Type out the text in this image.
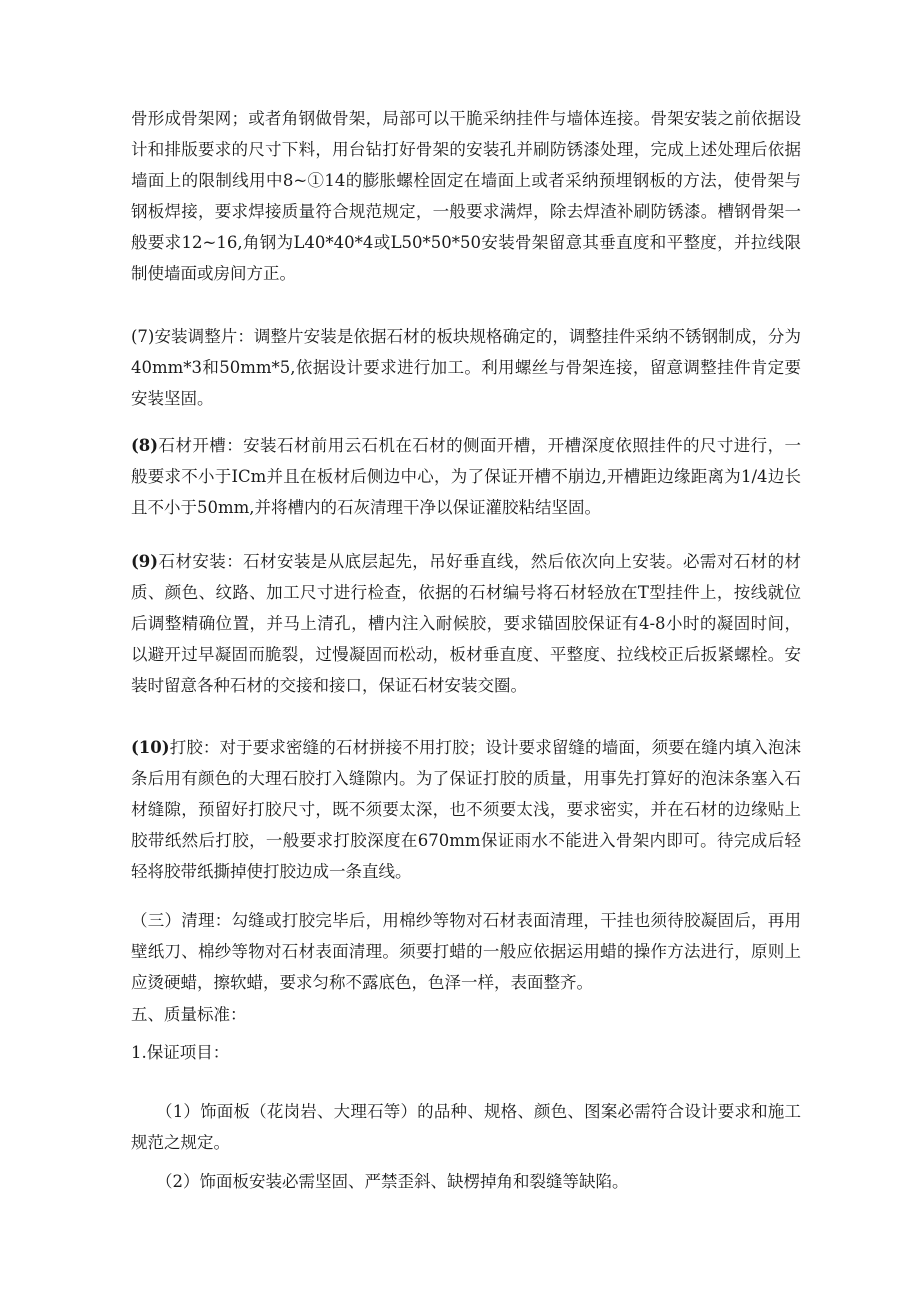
骨形成骨架网；或者角钢做骨架，局部可以干脆采纳挂件与墙体连接。骨架安装之前依据设计和排版要求的尺寸下料，用台钻打好骨架的安装孔并刷防锈漆处理，完成上述处理后依据墙面上的限制线用中8~①14的膨胀螺栓固定在墙面上或者采纳预埋钢板的方法，使骨架与钢板焊接，要求焊接质量符合规范规定，一般要求满焊，除去焊渣补刷防锈漆。槽钢骨架一般要求12~16,角钢为L40*40*4或L50*50*50安装骨架留意其垂直度和平整度，并拉线限制使墙面或房间方正。
(7)安装调整片：调整片安装是依据石材的板块规格确定的，调整挂件采纳不锈钢制成，分为40mm*3和50mm*5,依据设计要求进行加工。利用螺丝与骨架连接，留意调整挂件肯定要安装坚固。
(8)石材开槽：安装石材前用云石机在石材的侧面开槽，开槽深度依照挂件的尺寸进行，一般要求不小于ICm并且在板材后侧边中心，为了保证开槽不崩边,开槽距边缘距离为1/4边长且不小于50mm,并将槽内的石灰清理干净以保证灌胶粘结坚固。
(9)石材安装：石材安装是从底层起先，吊好垂直线，然后依次向上安装。必需对石材的材质、颜色、纹路、加工尺寸进行检查，依据的石材编号将石材轻放在T型挂件上，按线就位后调整精确位置，并马上清孔，槽内注入耐候胶，要求锚固胶保证有4-8小时的凝固时间，以避开过早凝固而脆裂，过慢凝固而松动，板材垂直度、平整度、拉线校正后扳紧螺栓。安装时留意各种石材的交接和接口，保证石材安装交圈。
(10)打胶：对于要求密缝的石材拼接不用打胶；设计要求留缝的墙面，须要在缝内填入泡沫条后用有颜色的大理石胶打入缝隙内。为了保证打胶的质量，用事先打算好的泡沫条塞入石材缝隙，预留好打胶尺寸，既不须要太深，也不须要太浅，要求密实，并在石材的边缘贴上胶带纸然后打胶，一般要求打胶深度在670mm保证雨水不能进入骨架内即可。待完成后轻轻将胶带纸撕掉使打胶边成一条直线。
（三）清理：勾缝或打胶完毕后，用棉纱等物对石材表面清理，干挂也须待胶凝固后，再用壁纸刀、棉纱等物对石材表面清理。须要打蜡的一般应依据运用蜡的操作方法进行，原则上应烫硬蜡，擦软蜡，要求匀称不露底色，色泽一样，表面整齐。
五、质量标准：
1.保证项目：
（1）饰面板（花岗岩、大理石等）的品种、规格、颜色、图案必需符合设计要求和施工规范之规定。
（2）饰面板安装必需坚固、严禁歪斜、缺楞掉角和裂缝等缺陷。
